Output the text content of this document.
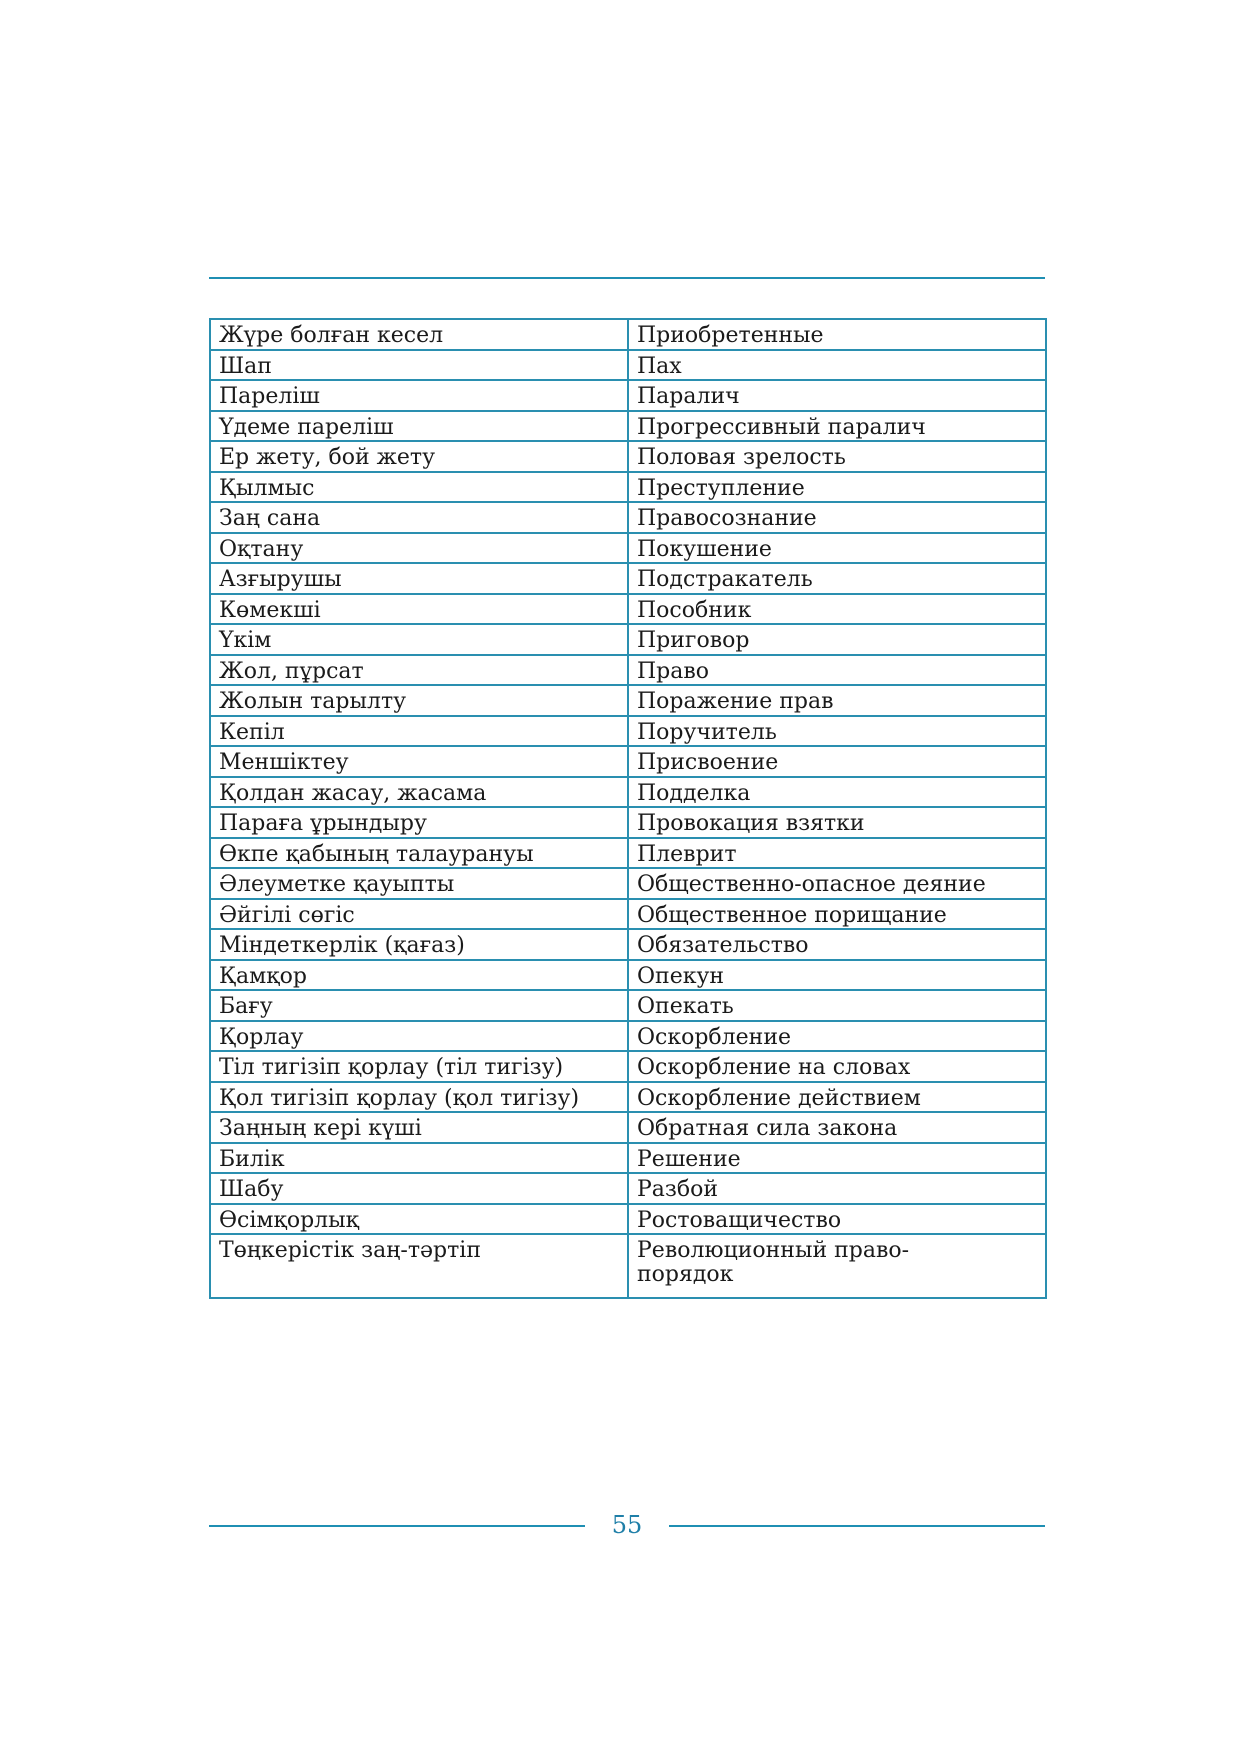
Жүре болған кесел	Приобретенные
Шап	Пах
Пареліш	Паралич
Үдеме пареліш	Прогрессивный паралич
Ер жету, бой жету	Половая зрелость
Қылмыс	Преступление
Заң сана	Правосознание
Оқтану	Покушение
Азғырушы	Подстракатель
Көмекші	Пособник
Үкім	Приговор
Жол, пұрсат	Право
Жолын тарылту	Поражение прав
Кепіл	Поручитель
Меншіктеу	Присвоение
Қолдан жасау, жасама	Подделка
Параға ұрындыру	Провокация взятки
Өкпе қабының талауpануы	Плеврит
Әлеуметке қауыпты	Общественно-опасное деяние
Әйгілі сөгіс	Общественное порищание
Міндеткерлік (қағаз)	Обязательство
Қамқор	Опекун
Бағу	Опекать
Қорлау	Оскорбление
Тіл тигізіп қорлау (тіл тигізу)	Оскорбление на словах
Қол тигізіп қорлау (қол тигізу)	Оскорбление действием
Заңның кері күші	Обратная сила закона
Билік	Решение
Шабу	Разбой
Өсімқорлық	Ростовaщичество
Төңкерістік заң-тәртіп	Революционный право-
порядок
55
